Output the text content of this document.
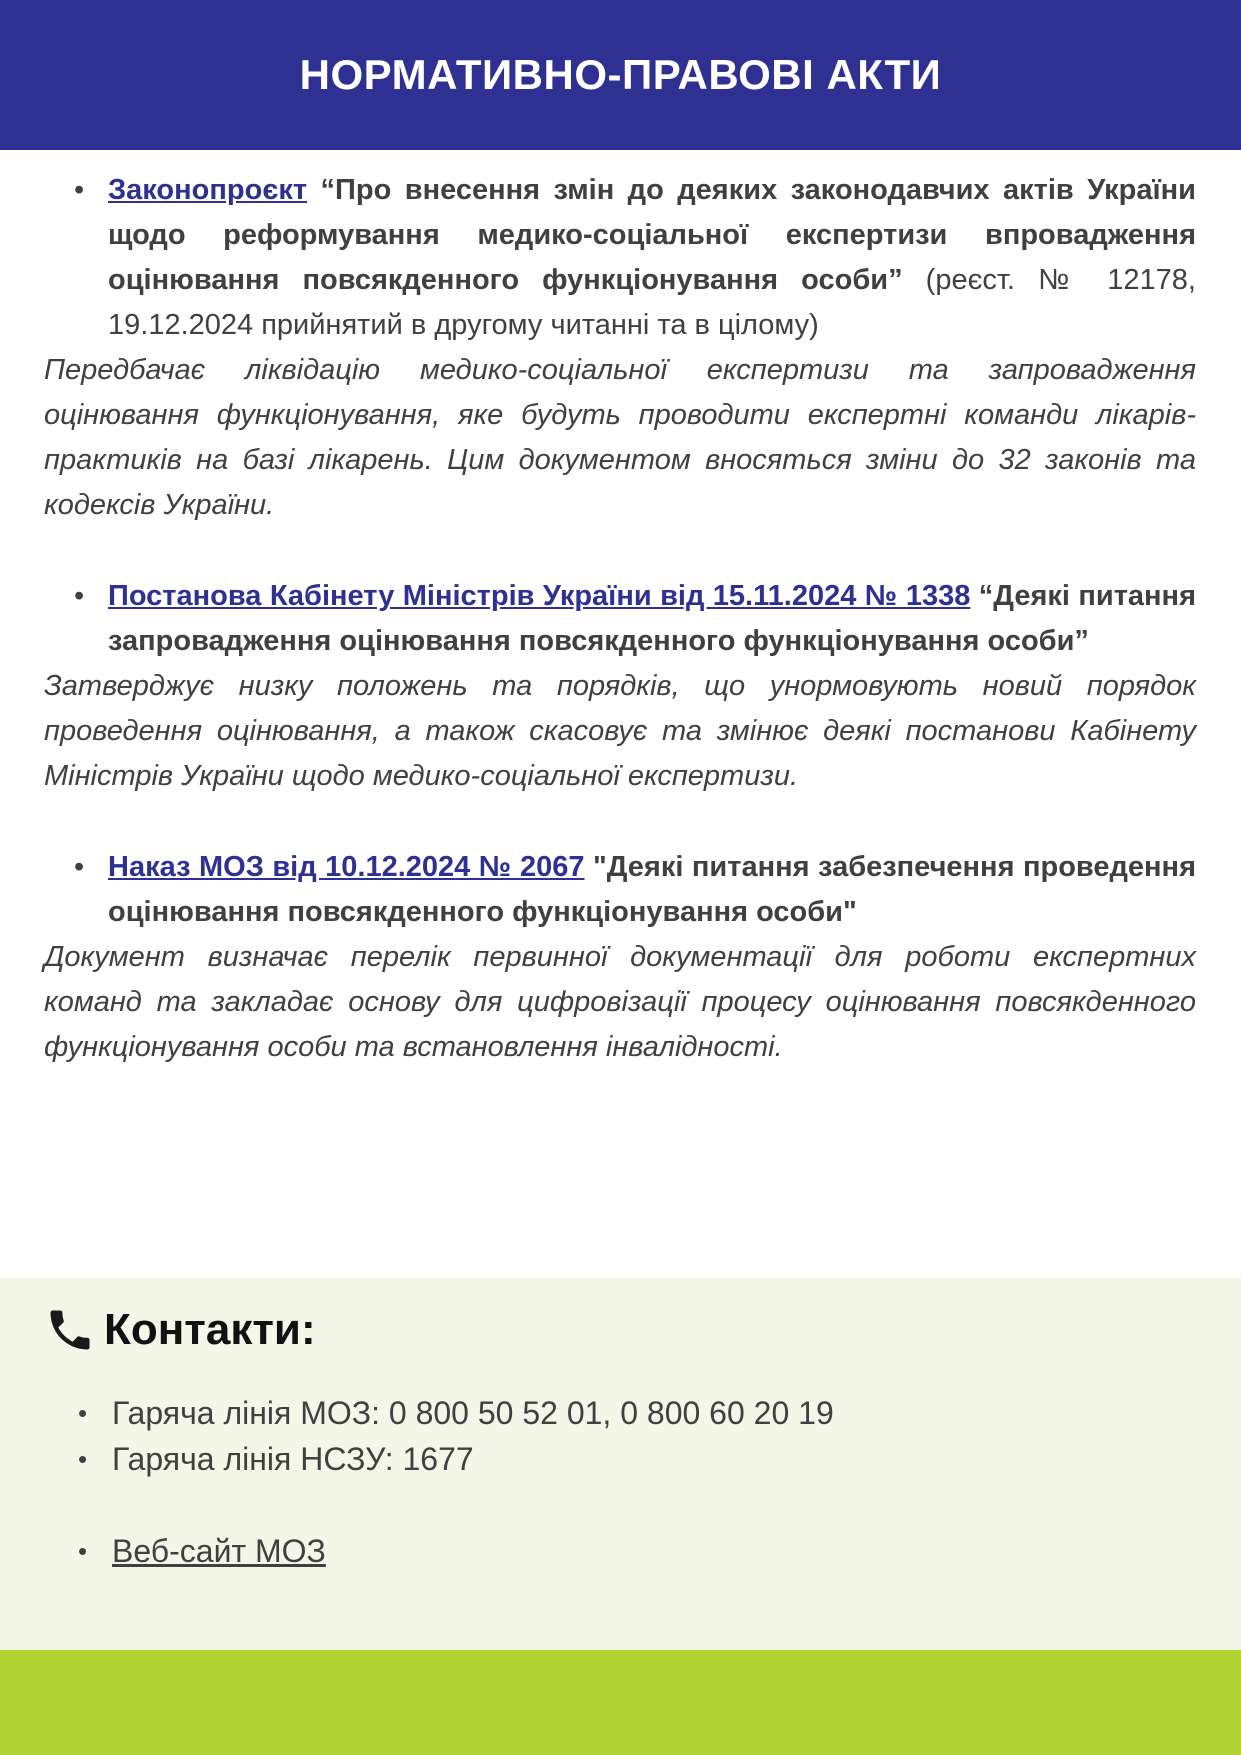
НОРМАТИВНО-ПРАВОВІ АКТИ
• Законопроєкт “Про внесення змін до деяких законодавчих актів України щодо реформування медико-соціальної експертизи впровадження оцінювання повсякденного функціонування особи” (реєст. № 12178, 19.12.2024 прийнятий в другому читанні та в цілому)

Передбачає ліквідацію медико-соціальної експертизи та запровадження оцінювання функціонування, яке будуть проводити експертні команди лікарів-практиків на базі лікарень. Цим документом вносяться зміни до 32 законів та кодексів України.

• Постанова Кабінету Міністрів України від 15.11.2024 № 1338 “Деякі питання запровадження оцінювання повсякденного функціонування особи”

Затверджує низку положень та порядків, що унормовують новий порядок проведення оцінювання, а також скасовує та змінює деякі постанови Кабінету Міністрів України щодо медико-соціальної експертизи.

• Наказ МОЗ від 10.12.2024 № 2067 "Деякі питання забезпечення проведення оцінювання повсякденного функціонування особи"

Документ визначає перелік первинної документації для роботи експертних команд та закладає основу для цифровізації процесу оцінювання повсякденного функціонування особи та встановлення інвалідності.

Контакти:
• Гаряча лінія МОЗ: 0 800 50 52 01, 0 800 60 20 19
• Гаряча лінія НСЗУ: 1677
• Веб-сайт МОЗ
